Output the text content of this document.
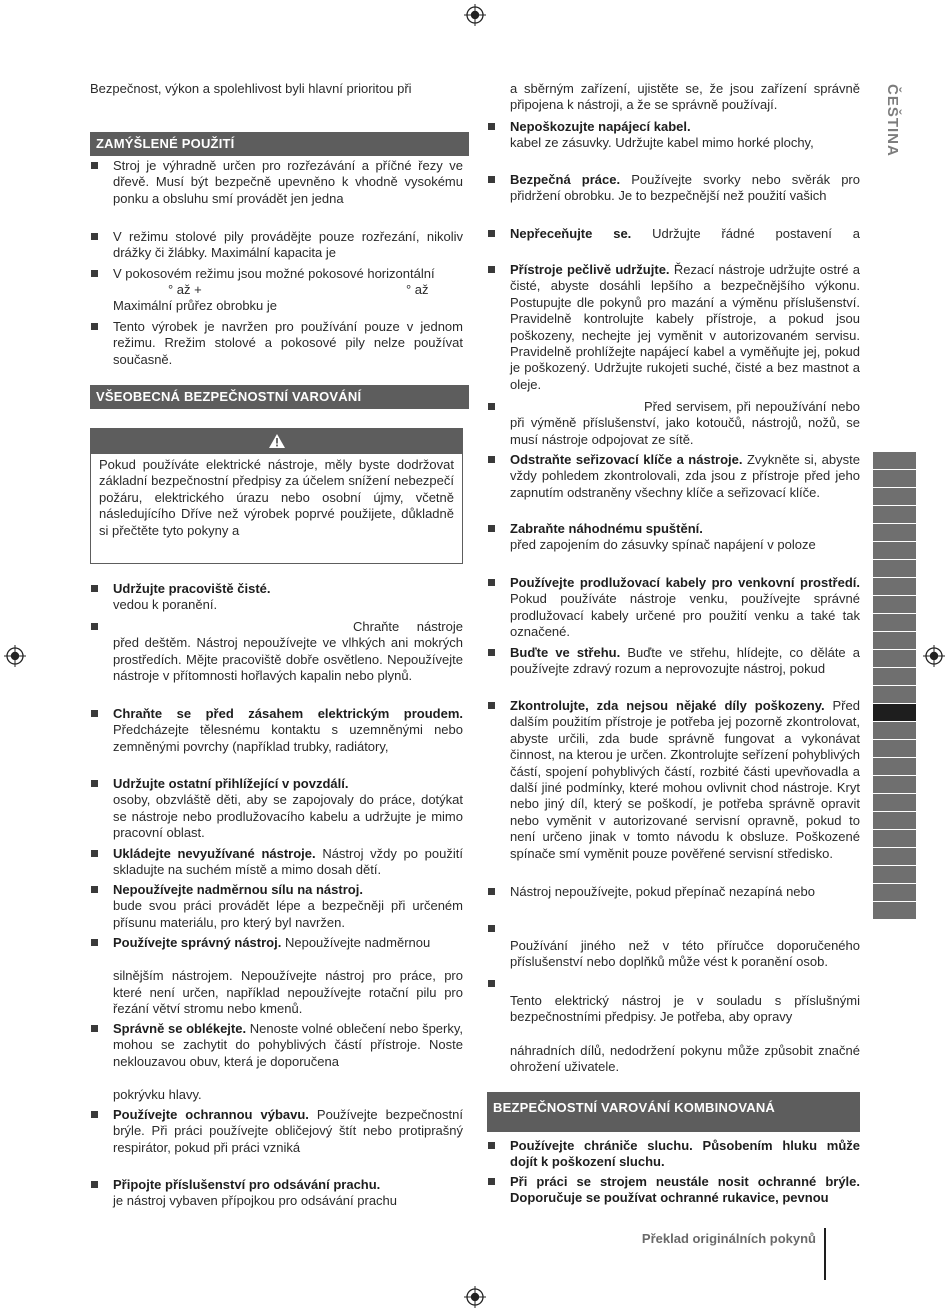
Bezpečnost, výkon a spolehlivost byli hlavní prioritou při

ZAMÝŠLENÉ POUŽITÍ
Stroj je výhradně určen pro rozřezávání a příčné řezy ve dřevě. Musí být bezpečně upevněno k vhodně vysokému ponku a obsluhu smí provádět jen jedna
V režimu stolové pily provádějte pouze rozřezání, nikoliv drážky či žlábky. Maximální kapacita je
V pokosovém režimu jsou možné pokosové horizontální
° až +	° až
Maximální průřez obrobku je
Tento výrobek je navržen pro používání pouze v jednom režimu. Rrežim stolové a pokosové pily nelze používat současně.
VŠEOBECNÁ BEZPEČNOSTNÍ VAROVÁNÍ
Pokud používáte elektrické nástroje, měly byste dodržovat základní bezpečnostní předpisy za účelem snížení nebezpečí požáru, elektrického úrazu nebo osobní újmy, včetně následujícího Dříve než výrobek poprvé použijete, důkladně si přečtěte tyto pokyny a
Udržujte pracoviště čisté.
vedou k poranění.
Chraňte nástroje před deštěm. Nástroj nepoužívejte ve vlhkých ani mokrých prostředích. Mějte pracoviště dobře osvětleno. Nepoužívejte nástroje v přítomnosti hořlavých kapalin nebo plynů.
Chraňte se před zásahem elektrickým proudem. Předcházejte tělesnému kontaktu s uzemněnými nebo zemněnými povrchy (například trubky, radiátory,
Udržujte ostatní přihlížející v povzdálí.
osoby, obzvláště děti, aby se zapojovaly do práce, dotýkat se nástroje nebo prodlužovacího kabelu a udržujte je mimo pracovní oblast.
Ukládejte nevyužívané nástroje. Nástroj vždy po použití skladujte na suchém místě a mimo dosah dětí.
Nepoužívejte nadměrnou sílu na nástroj.
bude svou práci provádět lépe a bezpečněji při určeném přísunu materiálu, pro který byl navržen.
Používejte správný nástroj. Nepoužívejte nadměrnou
silnějším nástrojem. Nepoužívejte nástroj pro práce, pro které není určen, například nepoužívejte rotační pilu pro řezání větví stromu nebo kmenů.
Správně se oblékejte. Nenoste volné oblečení nebo šperky, mohou se zachytit do pohyblivých částí přístroje. Noste neklouzavou obuv, která je doporučena
pokrývku hlavy.
Používejte ochrannou výbavu. Používejte bezpečnostní brýle. Při práci používejte obličejový štít nebo protiprašný respirátor, pokud při práci vzniká
Připojte příslušenství pro odsávání prachu.
je nástroj vybaven přípojkou pro odsávání prachu

a sběrným zařízení, ujistěte se, že jsou zařízení správně připojena k nástroji, a že se správně používají.

Nepoškozujte napájecí kabel.
kabel ze zásuvky. Udržujte kabel mimo horké plochy,
Bezpečná práce. Používejte svorky nebo svěrák pro přidržení obrobku. Je to bezpečnější než použití vašich
Nepřeceňujte se. Udržujte řádné postavení a
Přístroje pečlivě udržujte. Řezací nástroje udržujte ostré a čisté, abyste dosáhli lepšího a bezpečnějšího výkonu. Postupujte dle pokynů pro mazání a výměnu příslušenství. Pravidelně kontrolujte kabely přístroje, a pokud jsou poškozeny, nechejte jej vyměnit v autorizovaném servisu. Pravidelně prohlížejte napájecí kabel a vyměňujte jej, pokud je poškozený. Udržujte rukojeti suché, čisté a bez mastnot a oleje.
Před servisem, při nepoužívání nebo při výměně příslušenství, jako kotoučů, nástrojů, nožů, se musí nástroje odpojovat ze sítě.
Odstraňte seřizovací klíče a nástroje. Zvykněte si, abyste vždy pohledem zkontrolovali, zda jsou z přístroje před jeho zapnutím odstraněny všechny klíče a seřizovací klíče.
Zabraňte náhodnému spuštění.
před zapojením do zásuvky spínač napájení v poloze
Používejte prodlužovací kabely pro venkovní prostředí. Pokud používáte nástroje venku, používejte správné prodlužovací kabely určené pro použití venku a také tak označené.
Buďte ve střehu. Buďte ve střehu, hlídejte, co děláte a používejte zdravý rozum a neprovozujte nástroj, pokud
Zkontrolujte, zda nejsou nějaké díly poškozeny. Před dalším použitím přístroje je potřeba jej pozorně zkontrolovat, abyste určili, zda bude správně fungovat a vykonávat činnost, na kterou je určen. Zkontrolujte seřízení pohyblivých částí, spojení pohyblivých částí, rozbité části upevňovadla a další jiné podmínky, které mohou ovlivnit chod nástroje. Kryt nebo jiný díl, který se poškodí, je potřeba správně opravit nebo vyměnit v autorizované servisní opravně, pokud to není určeno jinak v tomto návodu k obsluze. Poškozené spínače smí vyměnit pouze pověřené servisní středisko.
Nástroj nepoužívejte, pokud přepínač nezapíná nebo
Používání jiného než v této příručce doporučeného příslušenství nebo doplňků může vést k poranění osob.
Tento elektrický nástroj je v souladu s příslušnými bezpečnostními předpisy. Je potřeba, aby opravy
náhradních dílů, nedodržení pokynu může způsobit značné ohrožení uživatele.
BEZPEČNOSTNÍ VAROVÁNÍ KOMBINOVANÁ
Používejte chrániče sluchu. Působením hluku může dojít k poškození sluchu.
Při práci se strojem neustále nosit ochranné brýle. Doporučuje se používat ochranné rukavice, pevnou
ČEŠTINA
Překlad originálních pokynů
